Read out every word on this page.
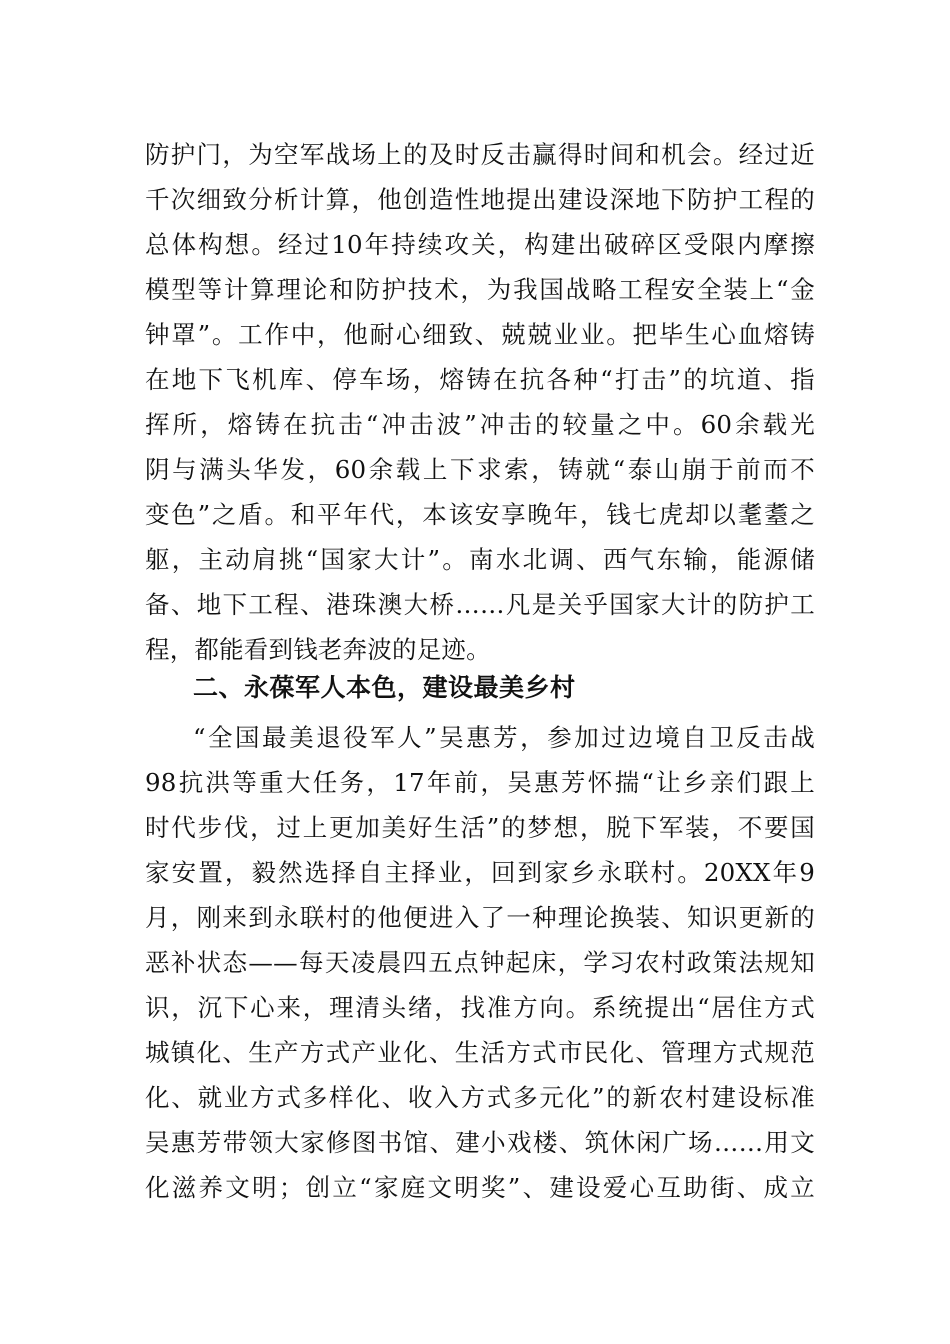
防护门，为空军战场上的及时反击赢得时间和机会。经过近
千次细致分析计算，他创造性地提出建设深地下防护工程的
总体构想。经过10年持续攻关，构建出破碎区受限内摩擦
模型等计算理论和防护技术，为我国战略工程安全装上“金
钟罩”。工作中，他耐心细致、兢兢业业。把毕生心血熔铸
在地下飞机库、停车场，熔铸在抗各种“打击”的坑道、指
挥所，熔铸在抗击“冲击波”冲击的较量之中。60余载光
阴与满头华发，60余载上下求索，铸就“泰山崩于前而不
变色”之盾。和平年代，本该安享晚年，钱七虎却以耄耋之
躯，主动肩挑“国家大计”。南水北调、西气东输，能源储
备、地下工程、港珠澳大桥……凡是关乎国家大计的防护工
程，都能看到钱老奔波的足迹。
二、永葆军人本色，建设最美乡村
“全国最美退役军人”吴惠芳，参加过边境自卫反击战
98抗洪等重大任务，17年前，吴惠芳怀揣“让乡亲们跟上
时代步伐，过上更加美好生活”的梦想，脱下军装，不要国
家安置，毅然选择自主择业，回到家乡永联村。20XX年9
月，刚来到永联村的他便进入了一种理论换装、知识更新的
恶补状态——每天凌晨四五点钟起床，学习农村政策法规知
识，沉下心来，理清头绪，找准方向。系统提出“居住方式
城镇化、生产方式产业化、生活方式市民化、管理方式规范
化、就业方式多样化、收入方式多元化”的新农村建设标准
吴惠芳带领大家修图书馆、建小戏楼、筑休闲广场……用文
化滋养文明；创立“家庭文明奖”、建设爱心互助街、成立
